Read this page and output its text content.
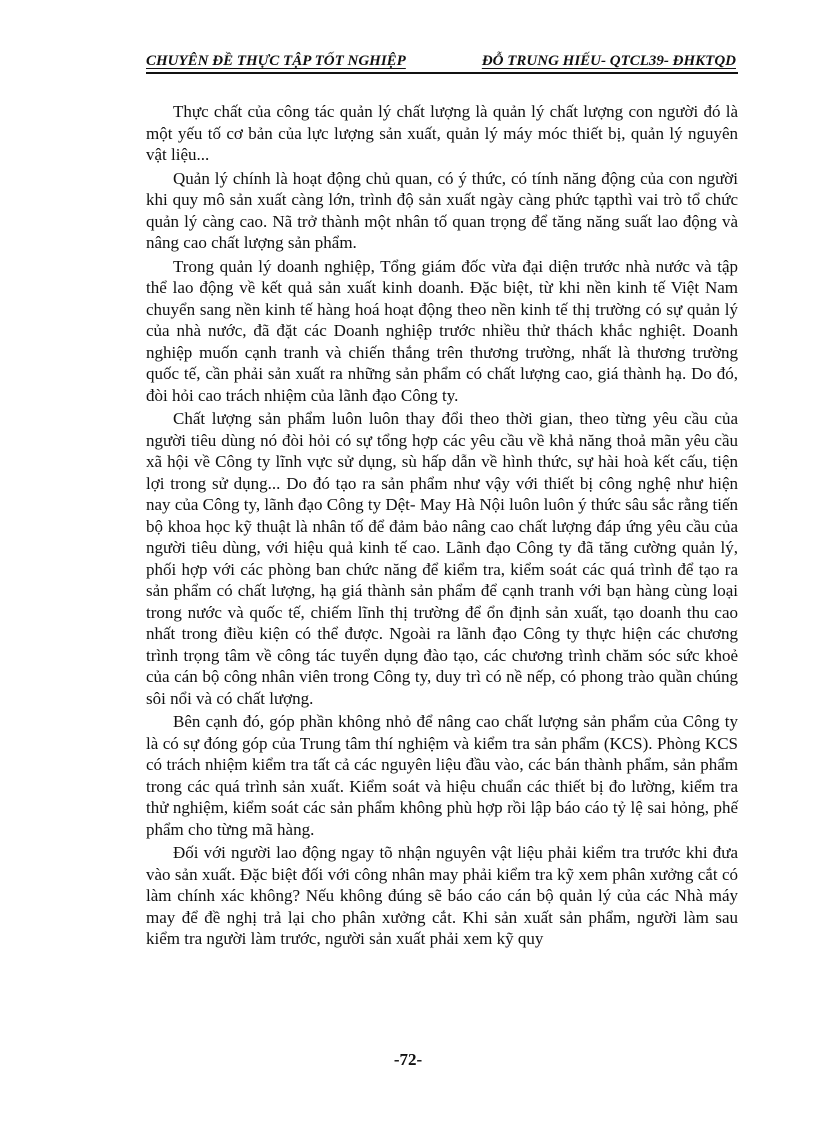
CHUYÊN ĐỀ THỰC TẬP TỐT NGHIỆP	ĐỖ TRUNG HIẾU- QTCL39- ĐHKTQD

Thực chất của công tác quản lý chất lượng là quản lý chất lượng con người đó là một yếu tố cơ bản của lực lượng sản xuất, quản lý máy móc thiết bị, quản lý nguyên vật liệu...

Quản lý chính là hoạt động chủ quan, có ý thức, có tính năng động của con người khi quy mô sản xuất càng lớn, trình độ sản xuất ngày càng phức tạpthì vai trò tổ chức quản lý càng cao. Nã trở thành một nhân tố quan trọng để tăng năng suất lao động và nâng cao chất lượng sản phẩm.

Trong quản lý doanh nghiệp, Tổng giám đốc vừa đại diện trước nhà nước và tập thể lao động về kết quả sản xuất kinh doanh. Đặc biệt, từ khi nền kinh tế Việt Nam chuyển sang nền kinh tế hàng hoá hoạt động theo nền kinh tế thị trường có sự quản lý của nhà nước, đã đặt các Doanh nghiệp trước nhiều thử thách khắc nghiệt. Doanh nghiệp muốn cạnh tranh và chiến thắng trên thương trường, nhất là thương trường quốc tế, cần phải sản xuất ra những sản phẩm có chất lượng cao, giá thành hạ. Do đó, đòi hỏi cao trách nhiệm của lãnh đạo Công ty.

Chất lượng sản phẩm luôn luôn thay đổi theo thời gian, theo từng yêu cầu của người tiêu dùng nó đòi hỏi có sự tổng hợp các yêu cầu về khả năng thoả mãn yêu cầu xã hội về Công ty lĩnh vực sử dụng, sù hấp dẫn về hình thức, sự hài hoà kết cấu, tiện lợi trong sử dụng... Do đó tạo ra sản phẩm như vậy với thiết bị công nghệ như hiện nay của Công ty, lãnh đạo Công ty Dệt- May Hà Nội luôn luôn ý thức sâu sắc rằng tiến bộ khoa học kỹ thuật là nhân tố để đảm bảo nâng cao chất lượng đáp ứng yêu cầu của người tiêu dùng, với hiệu quả kinh tế cao. Lãnh đạo Công ty đã tăng cường quản lý, phối hợp với các phòng ban chức năng để kiểm tra, kiểm soát các quá trình để tạo ra sản phẩm có chất lượng, hạ giá thành sản phẩm để cạnh tranh với bạn hàng cùng loại trong nước và quốc tế, chiếm lĩnh thị trường để ổn định sản xuất, tạo doanh thu cao nhất trong điều kiện có thể được. Ngoài ra lãnh đạo Công ty thực hiện các chương trình trọng tâm về công tác tuyển dụng đào tạo, các chương trình chăm sóc sức khoẻ của cán bộ công nhân viên trong Công ty, duy trì có nề nếp, có phong trào quần chúng sôi nổi và có chất lượng.

Bên cạnh đó, góp phần không nhỏ để nâng cao chất lượng sản phẩm của Công ty là có sự đóng góp của Trung tâm thí nghiệm và kiểm tra sản phẩm (KCS). Phòng KCS có trách nhiệm kiểm tra tất cả các nguyên liệu đầu vào, các bán thành phẩm, sản phẩm trong các quá trình sản xuất. Kiểm soát và hiệu chuẩn các thiết bị đo lường, kiểm tra thử nghiệm, kiểm soát các sản phẩm không phù hợp rồi lập báo cáo tỷ lệ sai hỏng, phế phẩm cho từng mã hàng.

Đối với người lao động ngay tõ nhận nguyên vật liệu phải kiểm tra trước khi đưa vào sản xuất. Đặc biệt đối với công nhân may phải kiểm tra kỹ xem phân xưởng cắt có làm chính xác không? Nếu không đúng sẽ báo cáo cán bộ quản lý của các Nhà máy may để đề nghị trả lại cho phân xưởng cắt. Khi sản xuất sản phẩm, người làm sau kiểm tra người làm trước, người sản xuất phải xem kỹ quy

-72-
